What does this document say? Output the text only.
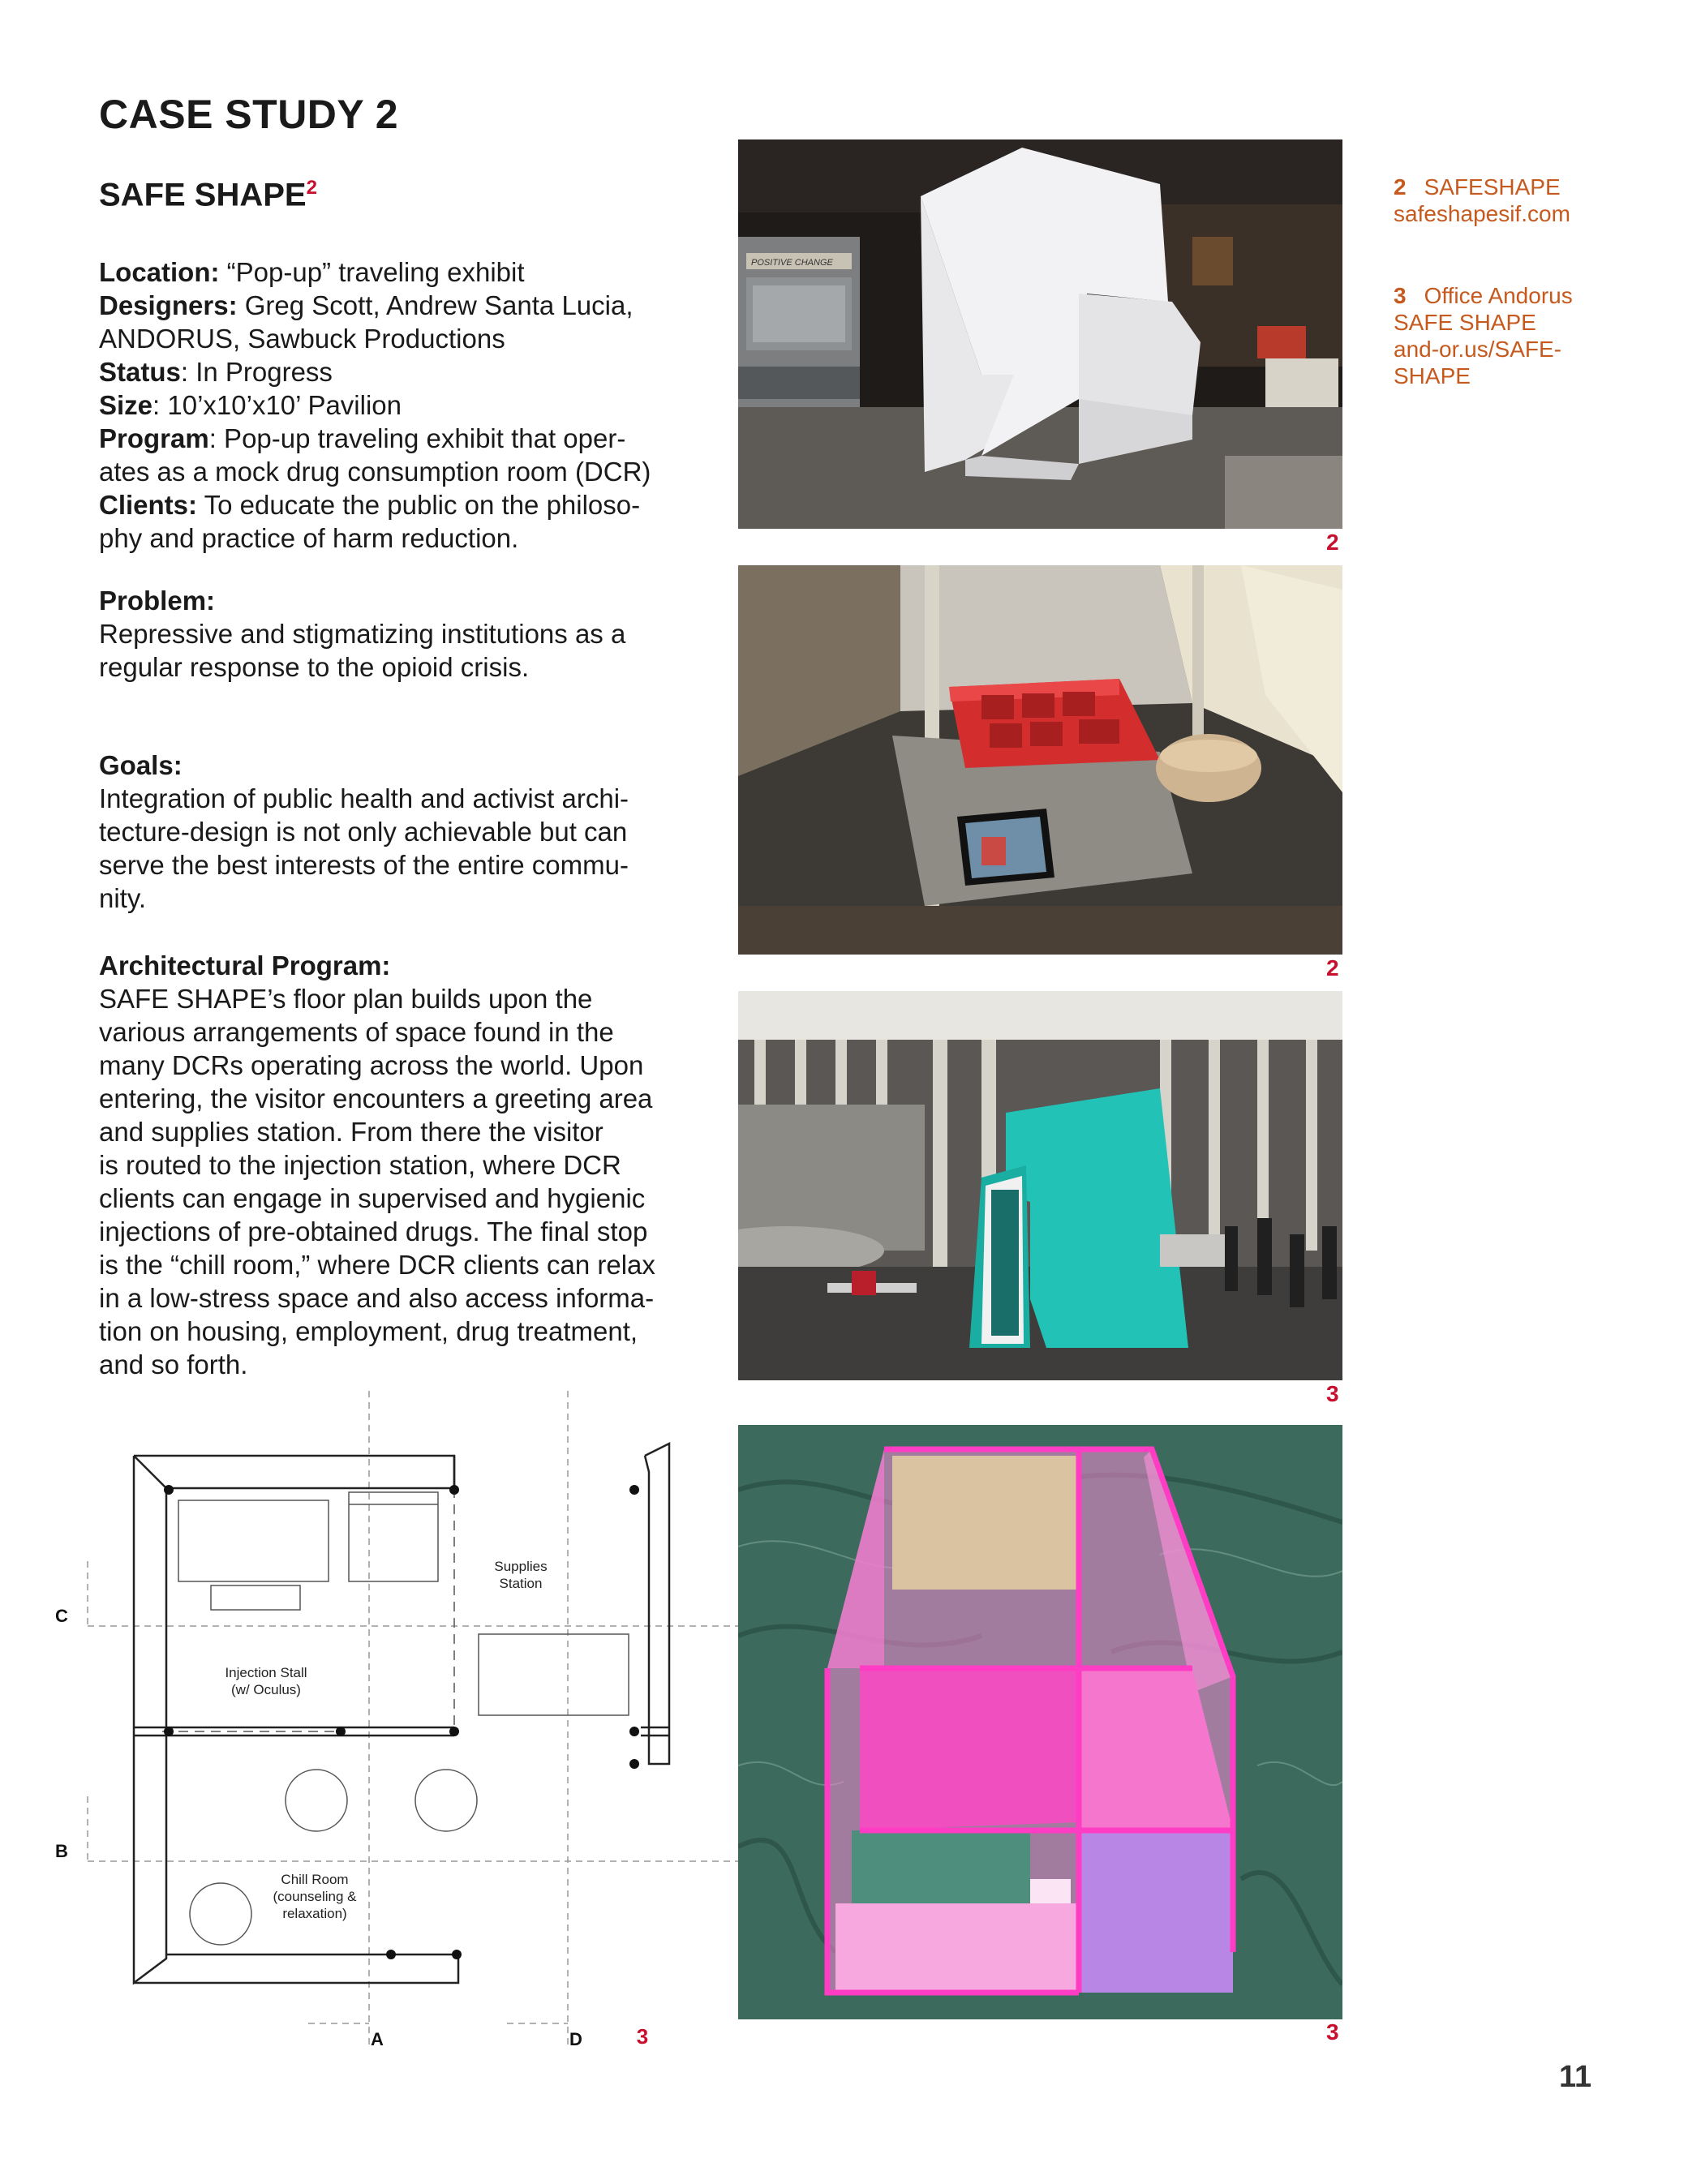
CASE STUDY 2
SAFE SHAPE$^2$

Location: “Pop-up” traveling exhibit

Designers: Greg Scott, Andrew Santa Lucia,

ANDORUS, Sawbuck Productions

Status: In Progress

Size: 10’x10’x10’ Pavilion

Program: Pop-up traveling exhibit that oper-

ates as a mock drug consumption room (DCR)

Clients: To educate the public on the philoso-

phy and practice of harm reduction.

Problem:

Repressive and stigmatizing institutions as a

regular response to the opioid crisis.

Goals:

Integration of public health and activist archi-

tecture-design is not only achievable but can

serve the best interests of the entire commu-

nity.

Architectural Program:

SAFE SHAPE’s floor plan builds upon the

various arrangements of space found in the

many DCRs operating across the world. Upon

entering, the visitor encounters a greeting area

and supplies station. From there the visitor

is routed to the injection station, where DCR

clients can engage in supervised and hygienic

injections of pre-obtained drugs. The final stop

is the “chill room,” where DCR clients can relax

in a low-stress space and also access informa-

tion on housing, employment, drug treatment,

and so forth.

POSITIVE CHANGE
2
2
3
3
Supplies
Station
Injection Stall
(w/ Oculus)
Chill Room
(counseling &
relaxation)
C
B
A	D	3
2 SAFESHAPE
safeshapesif.com
3 Office Andorus
SAFE SHAPE
and-or.us/SAFE-
SHAPE
11
